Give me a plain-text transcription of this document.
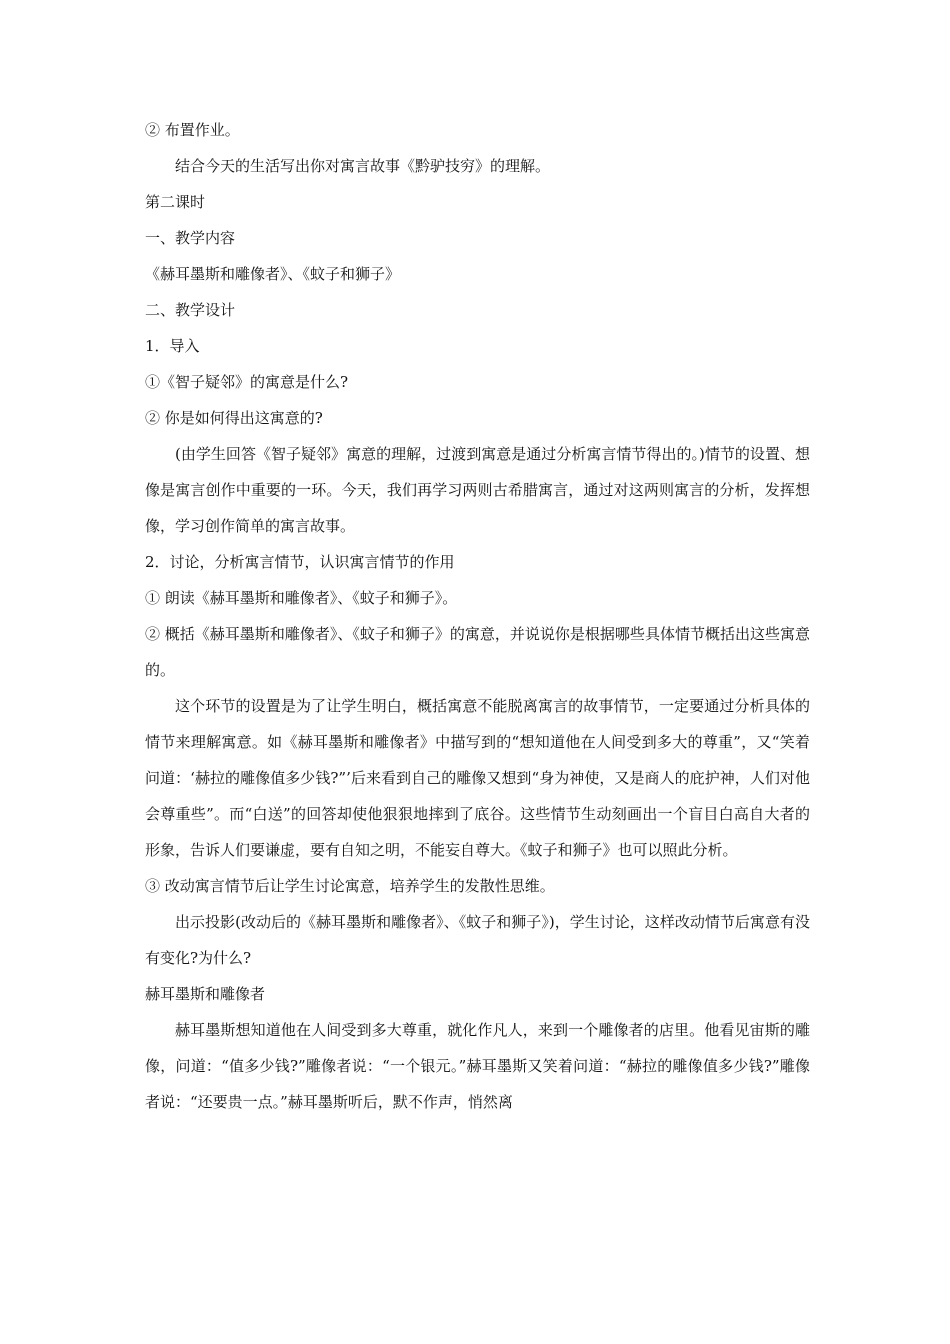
② 布置作业。

结合今天的生活写出你对寓言故事《黔驴技穷》的理解。

第二课时
一、教学内容
《赫耳墨斯和雕像者》、《蚊子和狮子》
二、教学设计
1．导入
①《智子疑邻》的寓意是什么?
② 你是如何得出这寓意的?

(由学生回答《智子疑邻》寓意的理解，过渡到寓意是通过分析寓言情节得出的。)情节的设置、想像是寓言创作中重要的一环。今天，我们再学习两则古希腊寓言，通过对这两则寓言的分析，发挥想像，学习创作简单的寓言故事。

2．讨论，分析寓言情节，认识寓言情节的作用
① 朗读《赫耳墨斯和雕像者》、《蚊子和狮子》。

② 概括《赫耳墨斯和雕像者》、《蚊子和狮子》的寓意，并说说你是根据哪些具体情节概括出这些寓意的。

这个环节的设置是为了让学生明白，概括寓意不能脱离寓言的故事情节，一定要通过分析具体的情节来理解寓意。如《赫耳墨斯和雕像者》中描写到的“想知道他在人间受到多大的尊重”，又“笑着问道：‘赫拉的雕像值多少钱?”’后来看到自己的雕像又想到“身为神使，又是商人的庇护神，人们对他会尊重些”。而“白送”的回答却使他狠狠地摔到了底谷。这些情节生动刻画出一个盲目白高自大者的形象，告诉人们要谦虚，要有自知之明，不能妄自尊大。《蚊子和狮子》也可以照此分析。

③ 改动寓言情节后让学生讨论寓意，培养学生的发散性思维。

出示投影(改动后的《赫耳墨斯和雕像者》、《蚊子和狮子》)，学生讨论，这样改动情节后寓意有没有变化?为什么?

赫耳墨斯和雕像者

赫耳墨斯想知道他在人间受到多大尊重，就化作凡人，来到一个雕像者的店里。他看见宙斯的雕像，问道：“值多少钱?”雕像者说：“一个银元。”赫耳墨斯又笑着问道：“赫拉的雕像值多少钱?”雕像者说：“还要贵一点。”赫耳墨斯听后，默不作声，悄然离
